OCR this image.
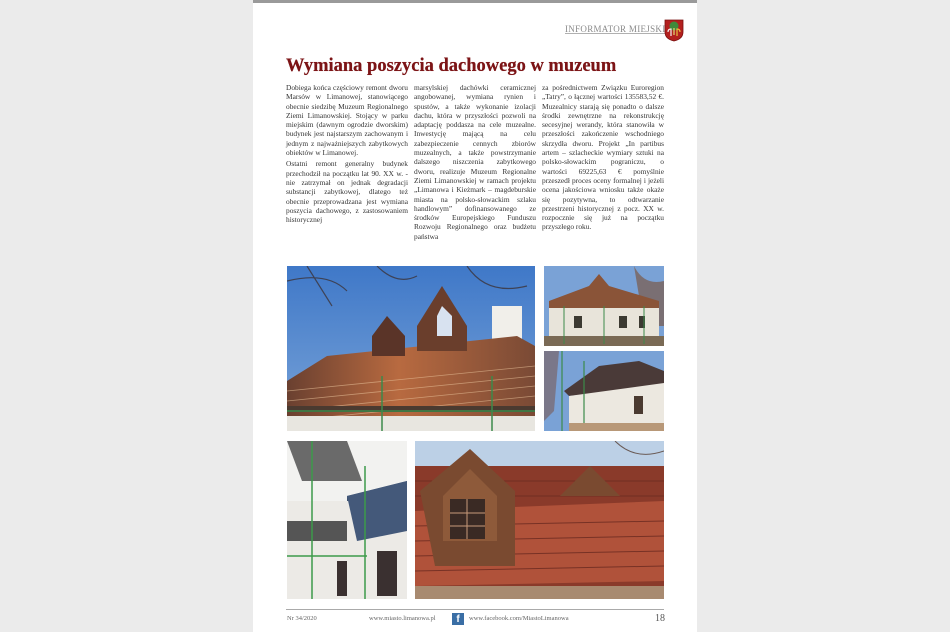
INFORMATOR MIEJSKI
Wymiana poszycia dachowego w muzeum

Dobiega końca częściowy remont dworu Marsów w Limanowej, stanowiącego obecnie siedzibę Muzeum Regionalnego Ziemi Limanowskiej. Stojący w parku miejskim (dawnym ogrodzie dworskim) budynek jest najstarszym zachowanym i jednym z najważniejszych zabytkowych obiektów w Limanowej.

Ostatni remont generalny budynek przechodził na początku lat 90. XX w. - nie zatrzymał on jednak degradacji substancji zabytkowej, dlatego też obecnie przeprowadzana jest wymiana poszycia dachowego, z zastosowaniem historycznej

marsylskiej dachówki ceramicznej angobowanej, wymiana rynien i spustów, a także wykonanie izolacji dachu, która w przyszłości pozwoli na adaptację poddasza na cele muzealne. Inwestycję mającą na celu zabezpieczenie cennych zbiorów muzealnych, a także powstrzymanie dalszego niszczenia zabytkowego dworu, realizuje Muzeum Regionalne Ziemi Limanowskiej w ramach projektu „Limanowa i Kieżmark – magdeburskie miasta na polsko-słowackim szlaku handlowym” dofinansowanego ze środków Europejskiego Funduszu Rozwoju Regionalnego oraz budżetu państwa

za pośrednictwem Związku Euroregion „Tatry”, o łącznej wartości 135583,52 €. Muzealnicy starają się ponadto o dalsze środki zewnętrzne na rekonstrukcję secesyjnej werandy, która stanowiła w przeszłości zakończenie wschodniego skrzydła dworu. Projekt „In partibus artem – szlacheckie wymiary sztuki na polsko-słowackim pograniczu, o wartości 69225,63 € pomyślnie przeszedł proces oceny formalnej i jeżeli ocena jakościowa wniosku także okaże się pozytywna, to odtwarzanie przestrzeni historycznej z pocz. XX w. rozpocznie się już na początku przyszłego roku.

Nr 34/2020	www.miasto.limanowa.pl	f	www.facebook.com/MiastoLimanowa	18
